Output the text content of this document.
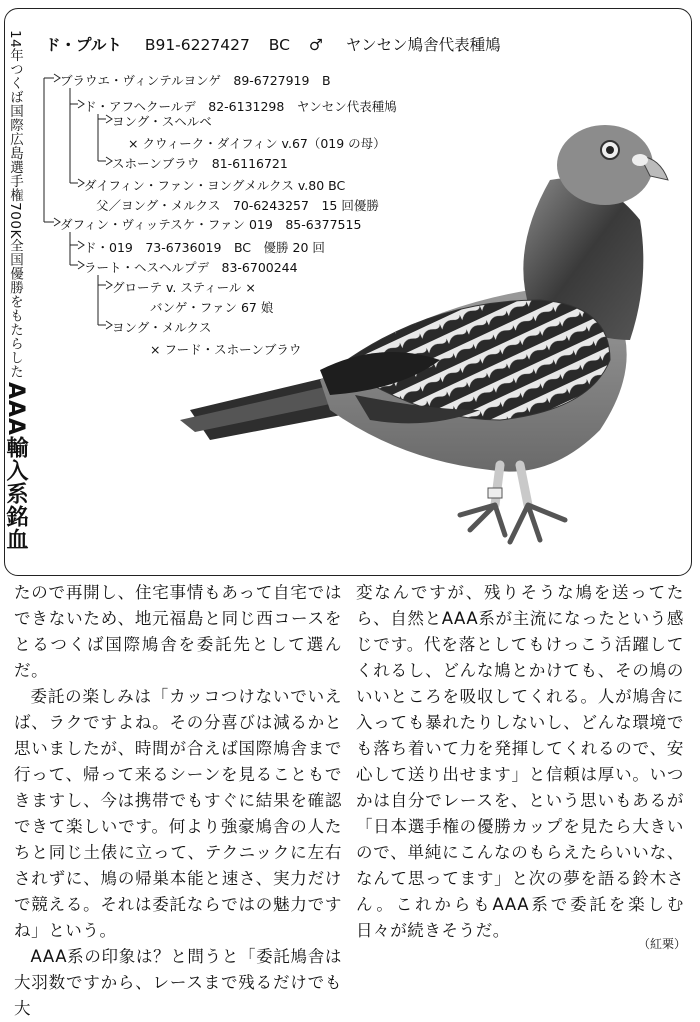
14年つくば国際広島選手権700K全国優勝をもたらした
AAA輸入系銘血
ド・プルト B91-6227427 BC ♂ ヤンセン鳩舎代表種鳩
ブラウエ・ヴィンテルヨンゲ　89-6727919　B
ド・アフヘクールデ　82-6131298　ヤンセン代表種鳩
ヨング・スヘルベ
× クウィーク・ダイフィン v.67（019 の母）
スホーンブラウ　81-6116721
ダイフィン・ファン・ヨングメルクス v.80 BC
父／ヨング・メルクス　70-6243257　15 回優勝
ダフィン・ヴィッテスケ・ファン 019　85-6377515
ド・019　73-6736019　BC　優勝 20 回
ラート・ヘスヘルプデ　83-6700244
グローテ v. スティール ×
バンゲ・ファン 67 娘
ヨング・メルクス
× フード・スホーンブラウ

たので再開し、住宅事情もあって自宅ではできないため、地元福島と同じ西コースをとるつくば国際鳩舎を委託先として選んだ。

委託の楽しみは「カッコつけないでいえば、ラクですよね。その分喜びは減るかと思いましたが、時間が合えば国際鳩舎まで行って、帰って来るシーンを見ることもできますし、今は携帯でもすぐに結果を確認できて楽しいです。何より強豪鳩舎の人たちと同じ土俵に立って、テクニックに左右されずに、鳩の帰巣本能と速さ、実力だけで競える。それは委託ならではの魅力ですね」という。

AAA系の印象は？と問うと「委託鳩舎は大羽数ですから、レースまで残るだけでも大

変なんですが、残りそうな鳩を送ってたら、自然とAAA系が主流になったという感じです。代を落としてもけっこう活躍してくれるし、どんな鳩とかけても、その鳩のいいところを吸収してくれる。人が鳩舎に入っても暴れたりしないし、どんな環境でも落ち着いて力を発揮してくれるので、安心して送り出せます」と信頼は厚い。いつかは自分でレースを、という思いもあるが「日本選手権の優勝カップを見たら大きいので、単純にこんなのもらえたらいいな、なんて思ってます」と次の夢を語る鈴木さん。これからもAAA系で委託を楽しむ日々が続きそうだ。

（紅栗）
